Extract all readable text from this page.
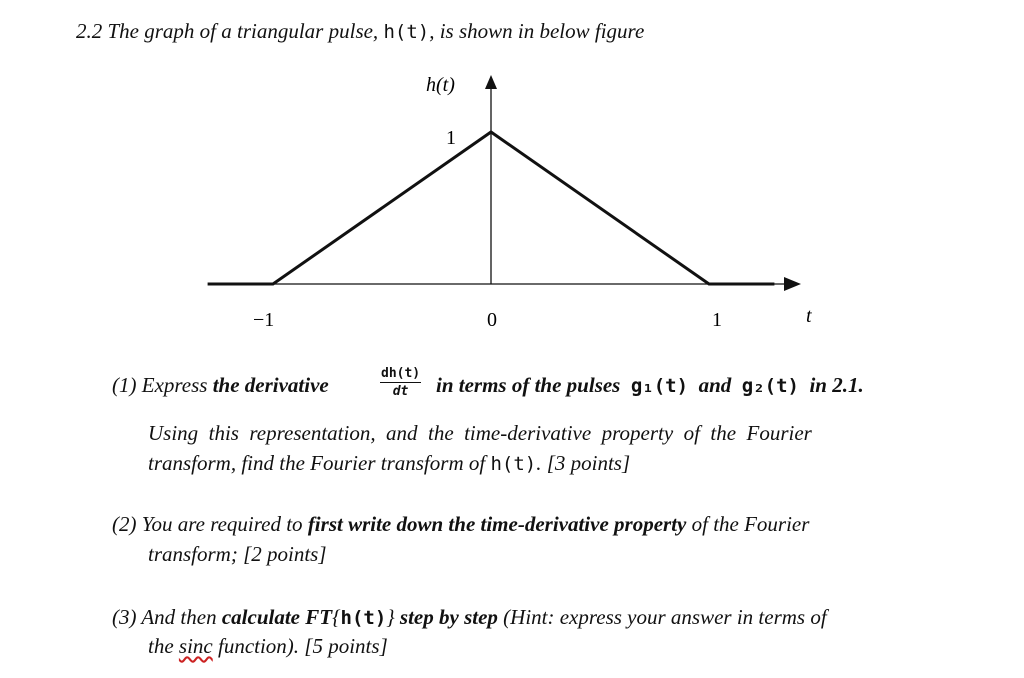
2.2 The graph of a triangular pulse, h(t), is shown in below figure
h(t)
t
1
−1	0	1
(1) Express the derivative	$\frac{dh(t)}{dt}$ in terms of the pulses g₁(t) and g₂(t) in 2.1.
Using this representation, and the time-derivative property of the Fourier
transform, find the Fourier transform of h(t). [3 points]
(2) You are required to first write down the time-derivative property of the Fourier
transform; [2 points]
(3) And then calculate FT{h(t)} step by step (Hint: express your answer in terms of
the sinc function). [5 points]
